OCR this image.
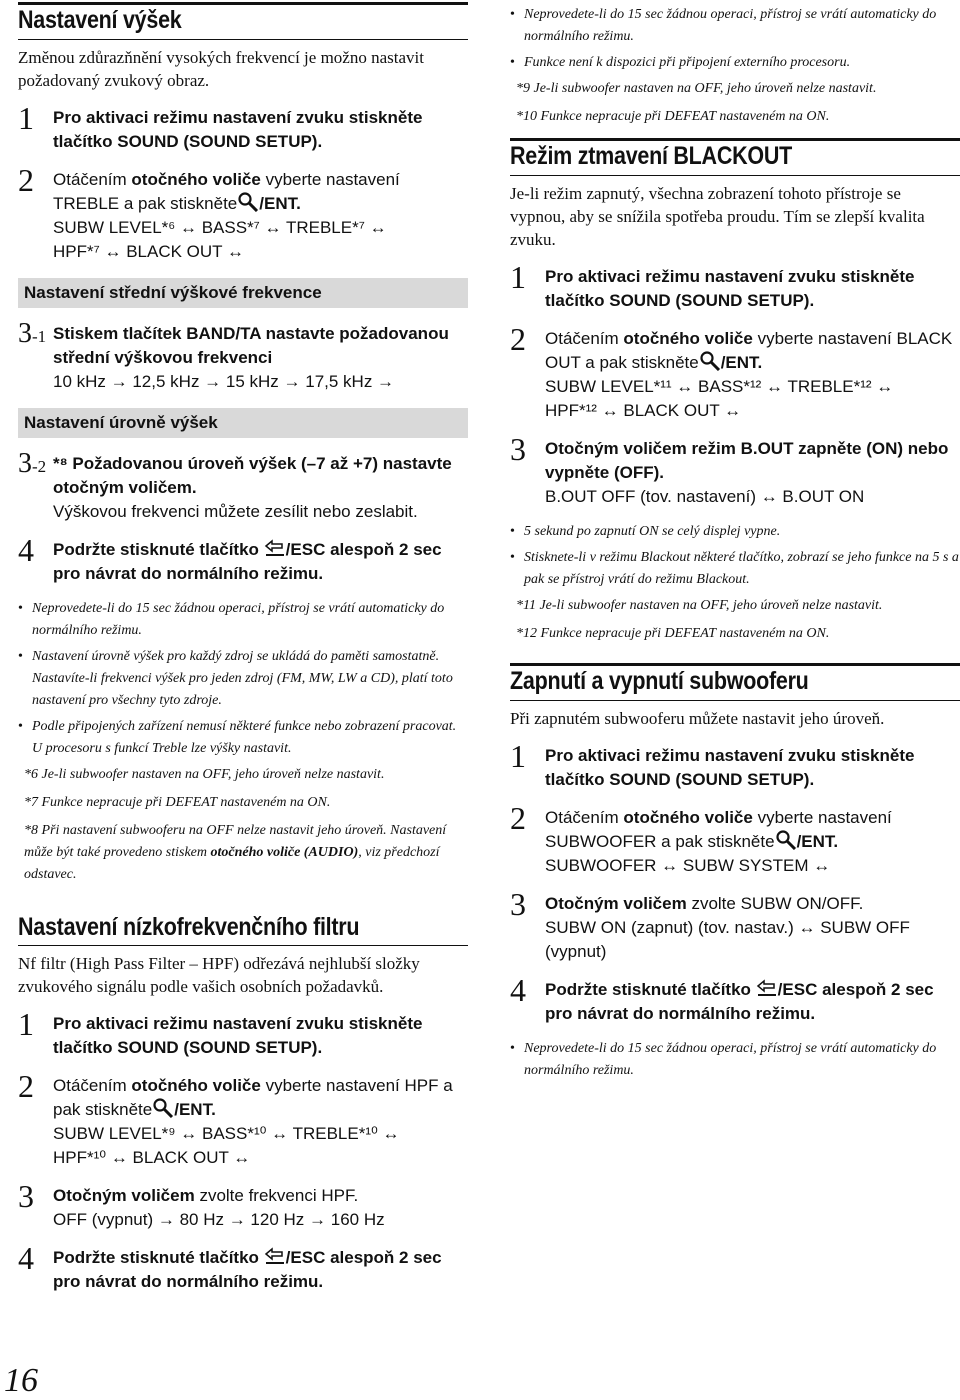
Nastavení výšek
Změnou zdůrazňnění vysokých frekvencí je možno nastavit požadovaný zvukový obraz.
1 Pro aktivaci režimu nastavení zvuku stiskněte tlačítko SOUND (SOUND SETUP).
2 Otáčením otočného voliče vyberte nastavení TREBLE a pak stiskněte /ENT.
SUBW LEVEL*⁶ ↔ BASS*⁷ ↔ TREBLE*⁷ ↔
HPF*⁷ ↔ BLACK OUT ↔
Nastavení střední výškové frekvence
3-1 Stiskem tlačítek BAND/TA nastavte požadovanou střední výškovou frekvenci
10 kHz → 12,5 kHz → 15 kHz → 17,5 kHz →
Nastavení úrovně výšek
3-2 *⁸ Požadovanou úroveň výšek (–7 až +7) nastavte otočným voličem.
Výškovou frekvenci můžete zesílit nebo zeslabit.
4 Podržte stisknuté tlačítko /ESC alespoň 2 sec pro návrat do normálního režimu.
• Neprovedete-li do 15 sec žádnou operaci, přístroj se vrátí automaticky do normálního režimu.
• Nastavení úrovně výšek pro každý zdroj se ukládá do paměti samostatně. Nastavíte-li frekvenci výšek pro jeden zdroj (FM, MW, LW a CD), platí toto nastavení pro všechny tyto zdroje.
• Podle připojených zařízení nemusí některé funkce nebo zobrazení pracovat. U procesoru s funkcí Treble lze výšky nastavit.
*6 Je-li subwoofer nastaven na OFF, jeho úroveň nelze nastavit.
*7 Funkce nepracuje při DEFEAT nastaveném na ON.
*8 Při nastavení subwooferu na OFF nelze nastavit jeho úroveň. Nastavení může být také provedeno stiskem otočného voliče (AUDIO), viz předchozí odstavec.
Nastavení nízkofrekvenčního filtru
Nf filtr (High Pass Filter – HPF) odřezává nejhlubší složky zvukového signálu podle vašich osobních požadavků.
1 Pro aktivaci režimu nastavení zvuku stiskněte tlačítko SOUND (SOUND SETUP).
2 Otáčením otočného voliče vyberte nastavení HPF a pak stiskněte /ENT.
SUBW LEVEL*⁹ ↔ BASS*¹⁰ ↔ TREBLE*¹⁰ ↔
HPF*¹⁰ ↔ BLACK OUT ↔
3 Otočným voličem zvolte frekvenci HPF.
OFF (vypnut) → 80 Hz → 120 Hz → 160 Hz
4 Podržte stisknuté tlačítko /ESC alespoň 2 sec pro návrat do normálního režimu.
16
• Neprovedete-li do 15 sec žádnou operaci, přístroj se vrátí automaticky do normálního režimu.
• Funkce není k dispozici při připojení externího procesoru.
*9 Je-li subwoofer nastaven na OFF, jeho úroveň nelze nastavit.
*10 Funkce nepracuje při DEFEAT nastaveném na ON.
Režim ztmavení BLACKOUT
Je-li režim zapnutý, všechna zobrazení tohoto přístroje se vypnou, aby se snížila spotřeba proudu. Tím se zlepší kvalita zvuku.
1 Pro aktivaci režimu nastavení zvuku stiskněte tlačítko SOUND (SOUND SETUP).
2 Otáčením otočného voliče vyberte nastavení BLACK OUT a pak stiskněte /ENT.
SUBW LEVEL*¹¹ ↔ BASS*¹² ↔ TREBLE*¹² ↔
HPF*¹² ↔ BLACK OUT ↔
3 Otočným voličem režim B.OUT zapněte (ON) nebo vypněte (OFF).
B.OUT OFF (tov. nastavení) ↔ B.OUT ON
• 5 sekund po zapnutí ON se celý displej vypne.
• Stisknete-li v režimu Blackout některé tlačítko, zobrazí se jeho funkce na 5 s a pak se přístroj vrátí do režimu Blackout.
*11 Je-li subwoofer nastaven na OFF, jeho úroveň nelze nastavit.
*12 Funkce nepracuje při DEFEAT nastaveném na ON.
Zapnutí a vypnutí subwooferu
Při zapnutém subwooferu můžete nastavit jeho úroveň.
1 Pro aktivaci režimu nastavení zvuku stiskněte tlačítko SOUND (SOUND SETUP).
2 Otáčením otočného voliče vyberte nastavení SUBWOOFER a pak stiskněte /ENT.
SUBWOOFER ↔ SUBW SYSTEM ↔
3 Otočným voličem zvolte SUBW ON/OFF.
SUBW ON (zapnut) (tov. nastav.) ↔ SUBW OFF (vypnut)
4 Podržte stisknuté tlačítko /ESC alespoň 2 sec pro návrat do normálního režimu.
• Neprovedete-li do 15 sec žádnou operaci, přístroj se vrátí automaticky do normálního režimu.
